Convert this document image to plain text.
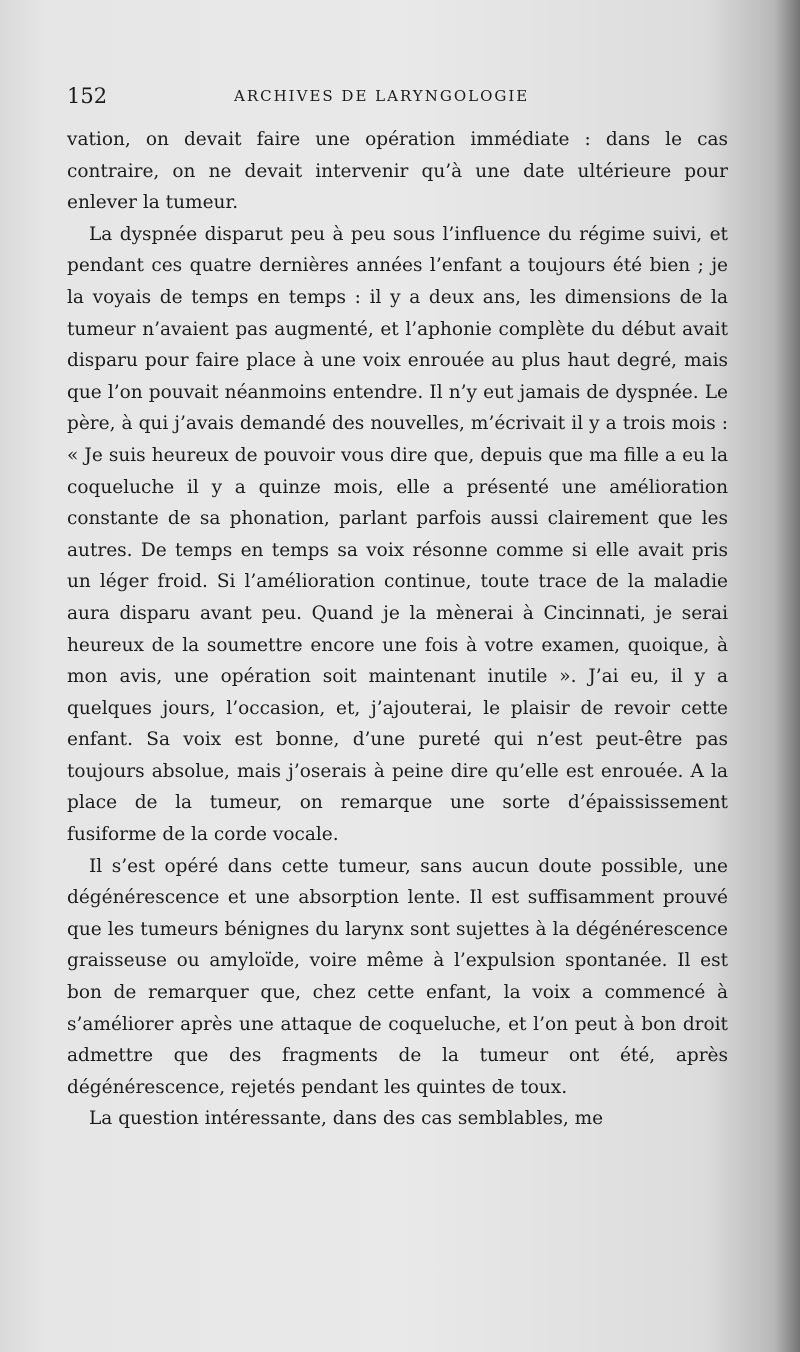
152	ARCHIVES DE LARYNGOLOGIE

vation, on devait faire une opération immédiate : dans le cas contraire, on ne devait intervenir qu’à une date ultérieure pour enlever la tumeur.

La dyspnée disparut peu à peu sous l’influence du régime suivi, et pendant ces quatre dernières années l’enfant a toujours été bien ; je la voyais de temps en temps : il y a deux ans, les dimensions de la tumeur n’avaient pas augmenté, et l’aphonie complète du début avait disparu pour faire place à une voix enrouée au plus haut degré, mais que l’on pouvait néanmoins entendre. Il n’y eut jamais de dyspnée. Le père, à qui j’avais demandé des nouvelles, m’écrivait il y a trois mois : « Je suis heureux de pouvoir vous dire que, depuis que ma fille a eu la coqueluche il y a quinze mois, elle a présenté une amélioration constante de sa phonation, parlant parfois aussi clairement que les autres. De temps en temps sa voix résonne comme si elle avait pris un léger froid. Si l’amélioration continue, toute trace de la maladie aura disparu avant peu. Quand je la mènerai à Cincinnati, je serai heureux de la soumettre encore une fois à votre examen, quoique, à mon avis, une opération soit maintenant inutile ». J’ai eu, il y a quelques jours, l’occasion, et, j’ajouterai, le plaisir de revoir cette enfant. Sa voix est bonne, d’une pureté qui n’est peut-être pas toujours absolue, mais j’oserais à peine dire qu’elle est enrouée. A la place de la tumeur, on remarque une sorte d’épaississement fusiforme de la corde vocale.

Il s’est opéré dans cette tumeur, sans aucun doute possible, une dégénérescence et une absorption lente. Il est suffisamment prouvé que les tumeurs bénignes du larynx sont sujettes à la dégénérescence graisseuse ou amyloïde, voire même à l’expulsion spontanée. Il est bon de remarquer que, chez cette enfant, la voix a commencé à s’améliorer après une attaque de coqueluche, et l’on peut à bon droit admettre que des fragments de la tumeur ont été, après dégénérescence, rejetés pendant les quintes de toux.

La question intéressante, dans des cas semblables, me
